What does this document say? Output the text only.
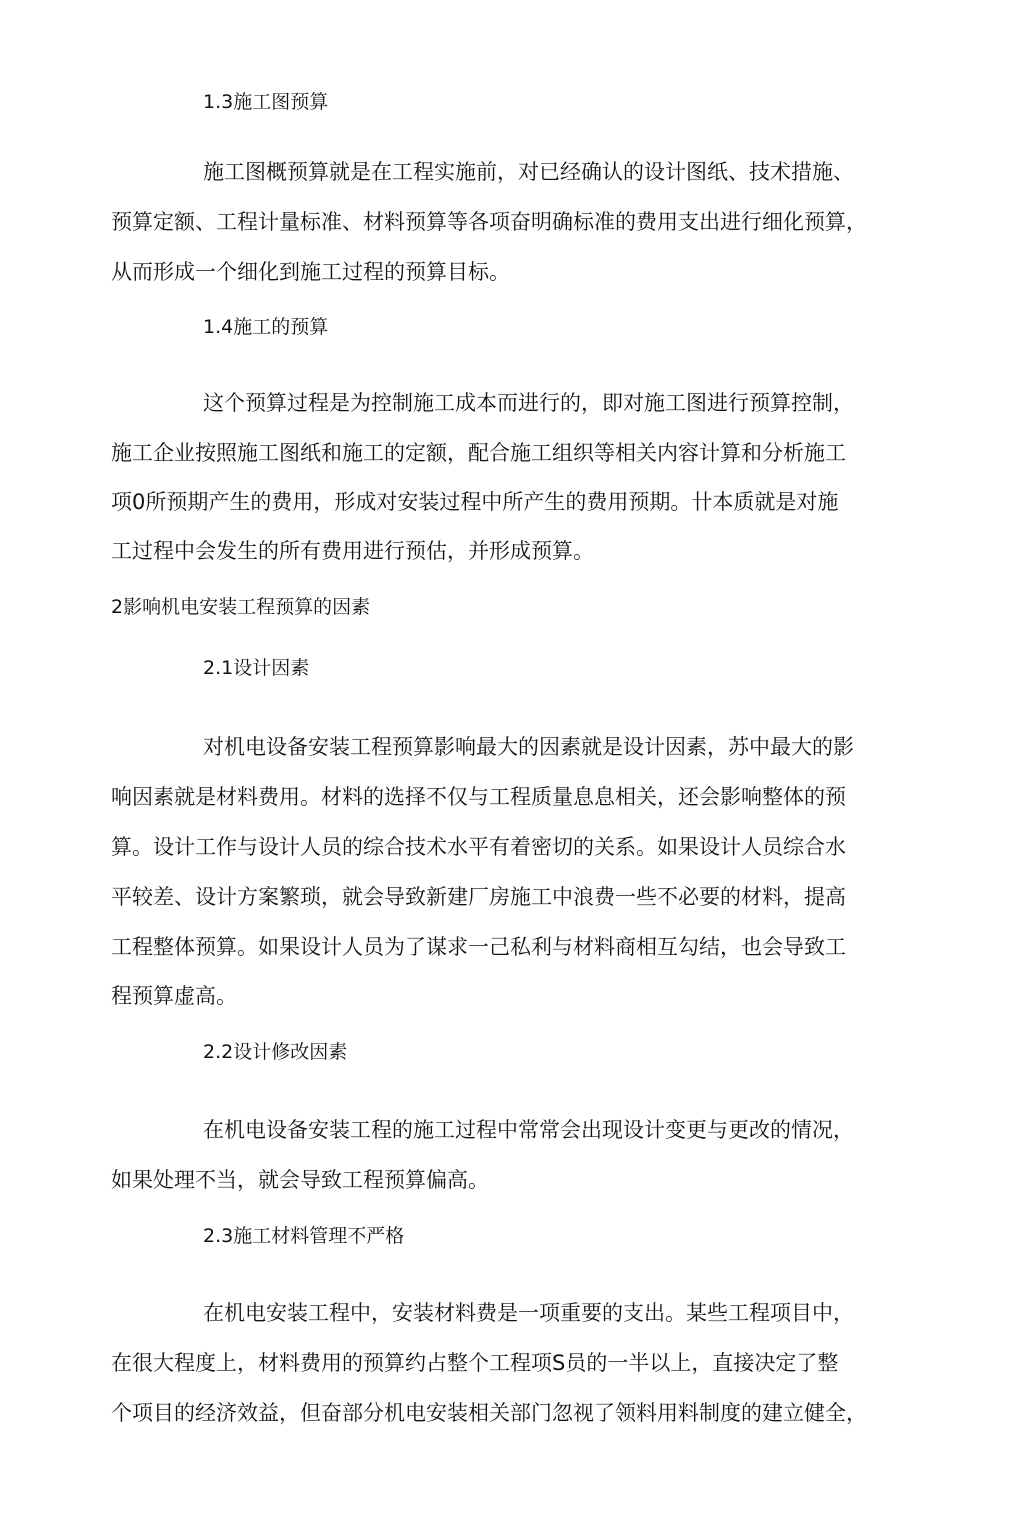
1.3施工图预算
施工图概预算就是在工程实施前，对已经确认的设计图纸、技术措施、
预算定额、工程计量标准、材料预算等各项奋明确标准的费用支出进行细化预算，
从而形成一个细化到施工过程的预算目标。
1.4施工的预算
这个预算过程是为控制施工成本而进行的，即对施工图进行预算控制，
施工企业按照施工图纸和施工的定额，配合施工组织等相关内容计算和分析施工
项0所预期产生的费用，形成对安装过程中所产生的费用预期。卄本质就是对施
工过程中会发生的所有费用进行预估，并形成预算。
2影响机电安装工程预算的因素
2.1设计因素
对机电设备安装工程预算影响最大的因素就是设计因素，苏中最大的影
响因素就是材料费用。材料的选择不仅与工程质量息息相关，还会影响整体的预
算。设计工作与设计人员的综合技术水平有着密切的关系。如果设计人员综合水
平较差、设计方案繁琐，就会导致新建厂房施工中浪费一些不必要的材料，提高
工程整体预算。如果设计人员为了谋求一己私利与材料商相互勾结，也会导致工
程预算虚高。
2.2设计修改因素
在机电设备安装工程的施工过程中常常会出现设计变更与更改的情况，
如果处理不当，就会导致工程预算偏高。
2.3施工材料管理不严格
在机电安装工程中，安装材料费是一项重要的支出。某些工程项目中，
在很大程度上，材料费用的预算约占整个工程项S员的一半以上，直接决定了整
个项目的经济效益，但奋部分机电安装相关部门忽视了领料用料制度的建立健全，
